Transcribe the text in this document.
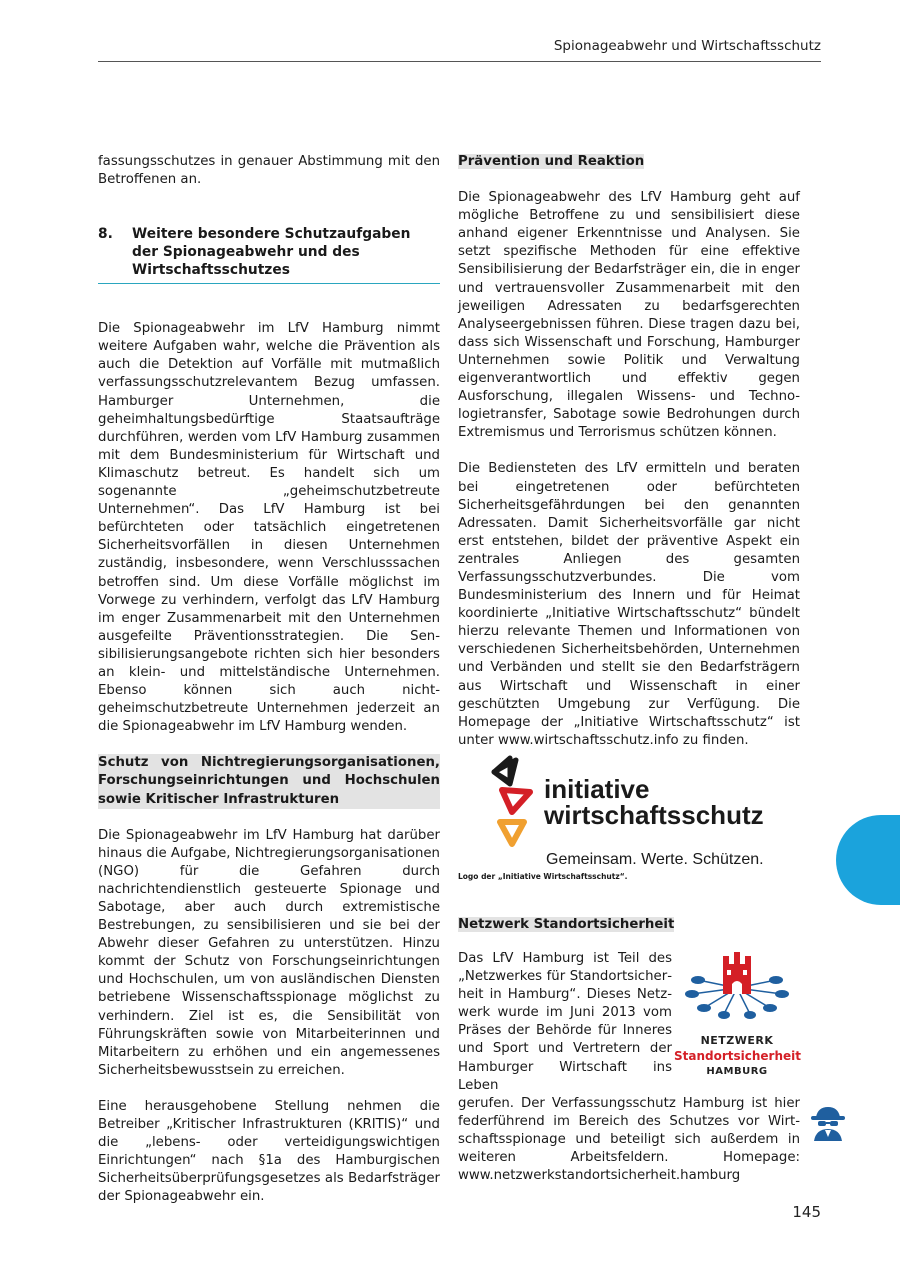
Spionageabwehr und Wirtschaftsschutz

fassungsschutzes in genauer Abstimmung mit den Betroffenen an.

8.	Weitere besondere Schutzaufgaben der Spionageabwehr und des Wirtschaftsschutzes

Die Spionageabwehr im LfV Hamburg nimmt weitere Aufgaben wahr, welche die Prävention als auch die Detektion auf Vorfälle mit mutmaßlich verfassungsschutzrelevantem Bezug umfassen. Hamburger Unternehmen, die geheimhaltungsbedürftige Staatsaufträge durchführen, werden vom LfV Hamburg zusammen mit dem Bundesministerium für Wirtschaft und Klimaschutz betreut. Es handelt sich um sogenannte „geheimschutzbetreute Unternehmen“. Das LfV Hamburg ist bei befürchteten oder tatsächlich eingetretenen Sicherheitsvorfällen in diesen Unternehmen zuständig, insbesondere, wenn Verschlusssachen betroffen sind. Um diese Vorfälle möglichst im Vorwege zu verhindern, verfolgt das LfV Hamburg im enger Zusammenarbeit mit den Unternehmen ausgefeilte Präventionsstrategien. Die Sensibilisierungsangebote richten sich hier besonders an klein- und mittelständische Unternehmen. Ebenso können sich auch nicht-geheimschutzbetreute Unternehmen jederzeit an die Spionageabwehr im LfV Hamburg wenden.

Schutz von Nichtregierungsorganisationen, Forschungseinrichtungen und Hochschulen sowie Kritischer Infrastrukturen

Die Spionageabwehr im LfV Hamburg hat darüber hinaus die Aufgabe, Nichtregierungsorganisationen (NGO) für die Gefahren durch nachrichtendienstlich gesteuerte Spionage und Sabotage, aber auch durch extremistische Bestrebungen, zu sensibilisieren und sie bei der Abwehr dieser Gefahren zu unterstützen. Hinzu kommt der Schutz von Forschungseinrichtungen und Hochschulen, um von ausländischen Diensten betriebene Wissenschaftsspionage möglichst zu verhindern. Ziel ist es, die Sensibilität von Führungskräften sowie von Mitarbeiterinnen und Mitarbeitern zu erhöhen und ein angemessenes Sicherheitsbewusstsein zu erreichen.

Eine herausgehobene Stellung nehmen die Betreiber „Kritischer Infrastrukturen (KRITIS)“ und die „lebens- oder verteidigungswichtigen Einrichtungen“ nach §1a des Hamburgischen Sicherheitsüberprüfungsgesetzes als Bedarfsträger der Spionageabwehr ein.

Prävention und Reaktion

Die Spionageabwehr des LfV Hamburg geht auf mögliche Betroffene zu und sensibilisiert diese anhand eigener Erkenntnisse und Analysen. Sie setzt spezifische Methoden für eine effektive Sensibilisierung der Bedarfsträger ein, die in enger und vertrauensvoller Zusammenarbeit mit den jeweiligen Adressaten zu bedarfsgerechten Analyseergebnissen führen. Diese tragen dazu bei, dass sich Wissenschaft und Forschung, Hamburger Unternehmen sowie Politik und Verwaltung eigenverantwortlich und effektiv gegen Ausforschung, illegalen Wissens- und Technologietransfer, Sabotage sowie Bedrohungen durch Extremismus und Terrorismus schützen können.

Die Bediensteten des LfV ermitteln und beraten bei eingetretenen oder befürchteten Sicherheitsgefährdungen bei den genannten Adressaten. Damit Sicherheitsvorfälle gar nicht erst entstehen, bildet der präventive Aspekt ein zentrales Anliegen des gesamten Verfassungsschutzverbundes. Die vom Bundesministerium des Innern und für Heimat koordinierte „Initiative Wirtschaftsschutz“ bündelt hierzu relevante Themen und Informationen von verschiedenen Sicherheitsbehörden, Unternehmen und Verbänden und stellt sie den Bedarfsträgern aus Wirtschaft und Wissenschaft in einer geschützten Umgebung zur Verfügung. Die Homepage der „Initiative Wirtschaftsschutz“ ist unter www.wirtschaftsschutz.info zu finden.

initiative
wirtschaftsschutz
Gemeinsam. Werte. Schützen.
Logo der „Initiative Wirtschaftsschutz“.
Netzwerk Standortsicherheit

Das LfV Hamburg ist Teil des „Netzwerkes für Standortsicherheit in Hamburg“. Dieses Netzwerk wurde im Juni 2013 vom Präses der Behörde für Inneres und Sport und Vertretern der Hamburger Wirtschaft ins Leben

NETZWERK
Standortsicherheit
HAMBURG

gerufen. Der Verfassungsschutz Hamburg ist hier federführend im Bereich des Schutzes vor Wirtschaftsspionage und beteiligt sich außerdem in weiteren Arbeitsfeldern. Homepage: www.netzwerkstandortsicherheit.hamburg

145
